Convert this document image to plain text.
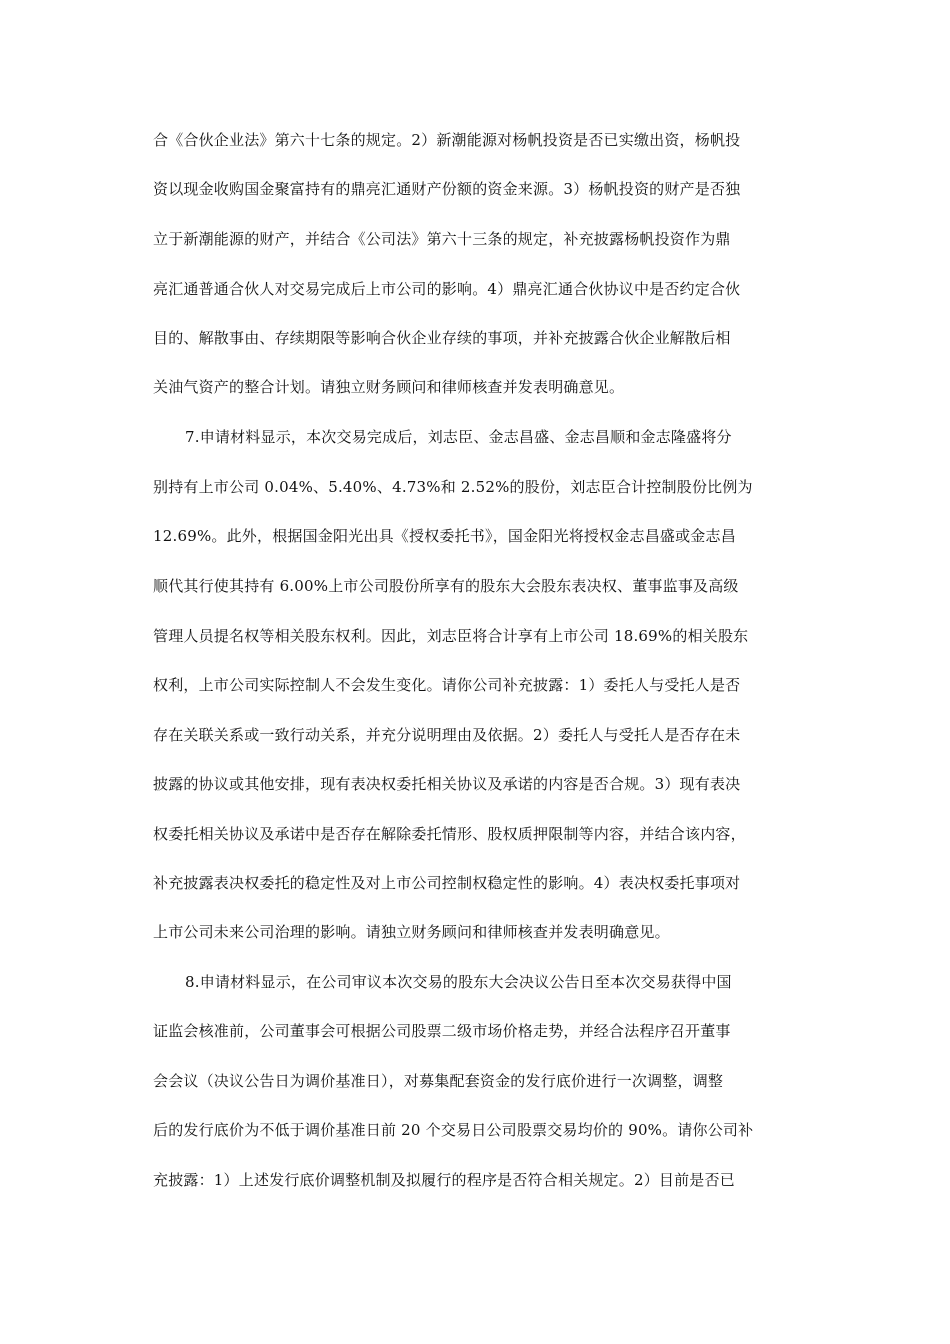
合《合伙企业法》第六十七条的规定。2）新潮能源对杨帆投资是否已实缴出资，杨帆投
资以现金收购国金聚富持有的鼎亮汇通财产份额的资金来源。3）杨帆投资的财产是否独
立于新潮能源的财产，并结合《公司法》第六十三条的规定，补充披露杨帆投资作为鼎
亮汇通普通合伙人对交易完成后上市公司的影响。4）鼎亮汇通合伙协议中是否约定合伙
目的、解散事由、存续期限等影响合伙企业存续的事项，并补充披露合伙企业解散后相
关油气资产的整合计划。请独立财务顾问和律师核查并发表明确意见。
7.申请材料显示，本次交易完成后，刘志臣、金志昌盛、金志昌顺和金志隆盛将分
别持有上市公司 0.04%、5.40%、4.73%和 2.52%的股份，刘志臣合计控制股份比例为
12.69%。此外，根据国金阳光出具《授权委托书》，国金阳光将授权金志昌盛或金志昌
顺代其行使其持有 6.00%上市公司股份所享有的股东大会股东表决权、董事监事及高级
管理人员提名权等相关股东权利。因此，刘志臣将合计享有上市公司 18.69%的相关股东
权利，上市公司实际控制人不会发生变化。请你公司补充披露：1）委托人与受托人是否
存在关联关系或一致行动关系，并充分说明理由及依据。2）委托人与受托人是否存在未
披露的协议或其他安排，现有表决权委托相关协议及承诺的内容是否合规。3）现有表决
权委托相关协议及承诺中是否存在解除委托情形、股权质押限制等内容，并结合该内容，
补充披露表决权委托的稳定性及对上市公司控制权稳定性的影响。4）表决权委托事项对
上市公司未来公司治理的影响。请独立财务顾问和律师核查并发表明确意见。
8.申请材料显示，在公司审议本次交易的股东大会决议公告日至本次交易获得中国
证监会核准前，公司董事会可根据公司股票二级市场价格走势，并经合法程序召开董事
会会议（决议公告日为调价基准日），对募集配套资金的发行底价进行一次调整，调整
后的发行底价为不低于调价基准日前 20 个交易日公司股票交易均价的 90%。请你公司补
充披露：1）上述发行底价调整机制及拟履行的程序是否符合相关规定。2）目前是否已
